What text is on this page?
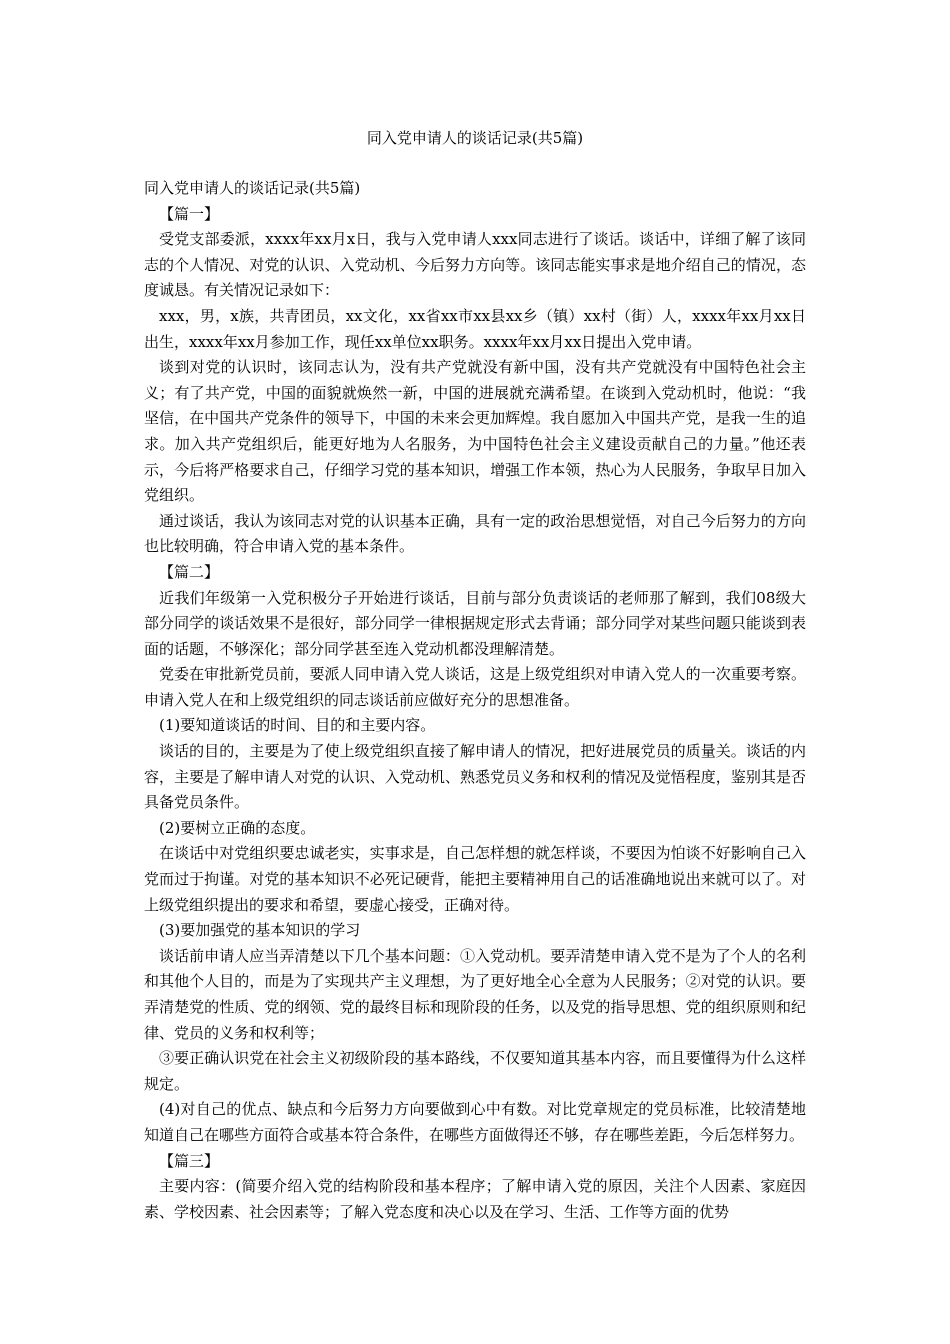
同入党申请人的谈话记录(共5篇)

同入党申请人的谈话记录(共5篇)

【篇一】

受党支部委派，xxxx年xx月x日，我与入党申请人xxx同志进行了谈话。谈话中，详细了解了该同志的个人情况、对党的认识、入党动机、今后努力方向等。该同志能实事求是地介绍自己的情况，态度诚恳。有关情况记录如下：

xxx，男，x族，共青团员，xx文化，xx省xx市xx县xx乡（镇）xx村（街）人，xxxx年xx月xx日出生，xxxx年xx月参加工作，现任xx单位xx职务。xxxx年xx月xx日提出入党申请。

谈到对党的认识时，该同志认为，没有共产党就没有新中国，没有共产党就没有中国特色社会主义；有了共产党，中国的面貌就焕然一新，中国的进展就充满希望。在谈到入党动机时，他说：“我坚信，在中国共产党条件的领导下，中国的未来会更加辉煌。我自愿加入中国共产党，是我一生的追求。加入共产党组织后，能更好地为人名服务，为中国特色社会主义建设贡献自己的力量。”他还表示，今后将严格要求自己，仔细学习党的基本知识，增强工作本领，热心为人民服务，争取早日加入党组织。

通过谈话，我认为该同志对党的认识基本正确，具有一定的政治思想觉悟，对自己今后努力的方向也比较明确，符合申请入党的基本条件。

【篇二】

近我们年级第一入党积极分子开始进行谈话，目前与部分负责谈话的老师那了解到，我们08级大部分同学的谈话效果不是很好，部分同学一律根据规定形式去背诵；部分同学对某些问题只能谈到表面的话题，不够深化；部分同学甚至连入党动机都没理解清楚。

党委在审批新党员前，要派人同申请入党人谈话，这是上级党组织对申请入党人的一次重要考察。申请入党人在和上级党组织的同志谈话前应做好充分的思想准备。

(1)要知道谈话的时间、目的和主要内容。

谈话的目的，主要是为了使上级党组织直接了解申请人的情况，把好进展党员的质量关。谈话的内容，主要是了解申请人对党的认识、入党动机、熟悉党员义务和权利的情况及觉悟程度，鉴别其是否具备党员条件。

(2)要树立正确的态度。

在谈话中对党组织要忠诚老实，实事求是，自己怎样想的就怎样谈，不要因为怕谈不好影响自己入党而过于拘谨。对党的基本知识不必死记硬背，能把主要精神用自己的话准确地说出来就可以了。对上级党组织提出的要求和希望，要虚心接受，正确对待。

(3)要加强党的基本知识的学习

谈话前申请人应当弄清楚以下几个基本问题：①入党动机。要弄清楚申请入党不是为了个人的名利和其他个人目的，而是为了实现共产主义理想，为了更好地全心全意为人民服务；②对党的认识。要弄清楚党的性质、党的纲领、党的最终目标和现阶段的任务，以及党的指导思想、党的组织原则和纪律、党员的义务和权利等；

③要正确认识党在社会主义初级阶段的基本路线，不仅要知道其基本内容，而且要懂得为什么这样规定。

(4)对自己的优点、缺点和今后努力方向要做到心中有数。对比党章规定的党员标准，比较清楚地知道自己在哪些方面符合或基本符合条件，在哪些方面做得还不够，存在哪些差距，今后怎样努力。

【篇三】

主要内容：(简要介绍入党的结构阶段和基本程序；了解申请入党的原因，关注个人因素、家庭因素、学校因素、社会因素等；了解入党态度和决心以及在学习、生活、工作等方面的优势
